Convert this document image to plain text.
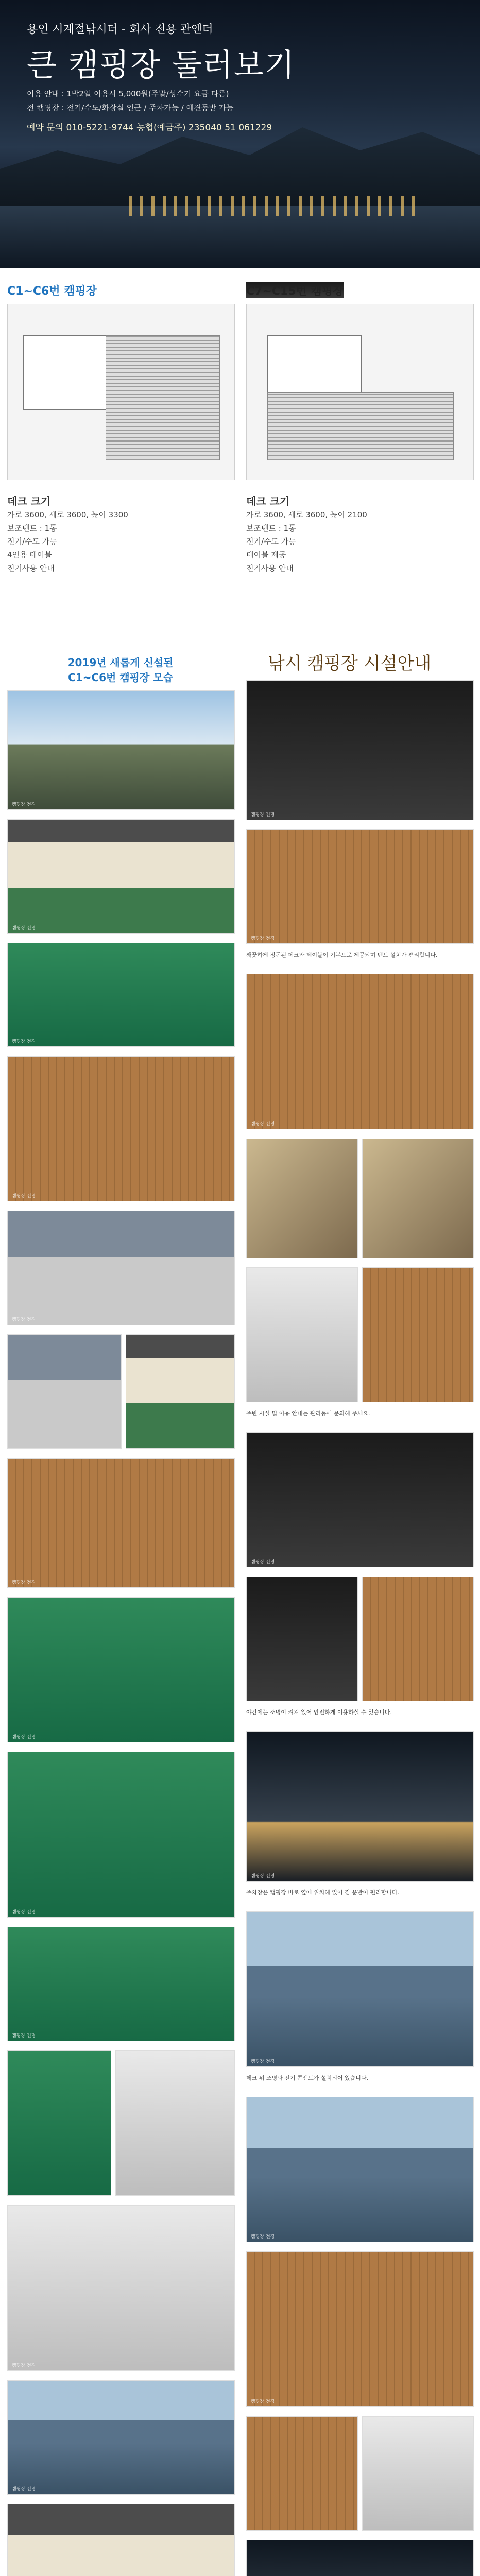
용인 시계절낚시터 - 회사 전용 관엔터
큰 캠핑장 둘러보기
이용 안내 : 1박2일 이용시 5,000원(주말/성수기 요금 다름)
전 캠핑장 : 전기/수도/화장실 인근 / 주차가능 / 애견동반 가능
예약 문의 010-5221-9744 농협(예금주) 235040 51 061229
C1~C6번 캠핑장	C7~C15번 캠핑장
데크 크기
가로 3600, 세로 3600, 높이 3300
보조텐트 : 1동
전기/수도 가능
4인용 테이블
전기사용 안내
데크 크기
가로 3600, 세로 3600, 높이 2100
보조텐트 : 1동
전기/수도 가능
테이블 제공
전기사용 안내
2019년 새롭게 신설된
C1~C6번 캠핑장 모습
낚시 캠핑장 시설안내
캠핑장 전경
캠핑장 전경
캠핑장 전경
캠핑장 전경
캠핑장 전경
캠핑장 전경
캠핑장 전경
캠핑장 전경
캠핑장 전경
캠핑장 전경
캠핑장 전경
캠핑장 전경
캠핑장 전경
깨끗하게 정돈된 데크와 테이블이 기본으로 제공되며 텐트 설치가 편리합니다.
캠핑장 전경
주변 시설 및 이용 안내는 관리동에 문의해 주세요.
캠핑장 전경
야간에는 조명이 켜져 있어 안전하게 이용하실 수 있습니다.
캠핑장 전경
주차장은 캠핑장 바로 옆에 위치해 있어 짐 운반이 편리합니다.
캠핑장 전경
데크 위 조명과 전기 콘센트가 설치되어 있습니다.
캠핑장 전경
캠핑장 전경
